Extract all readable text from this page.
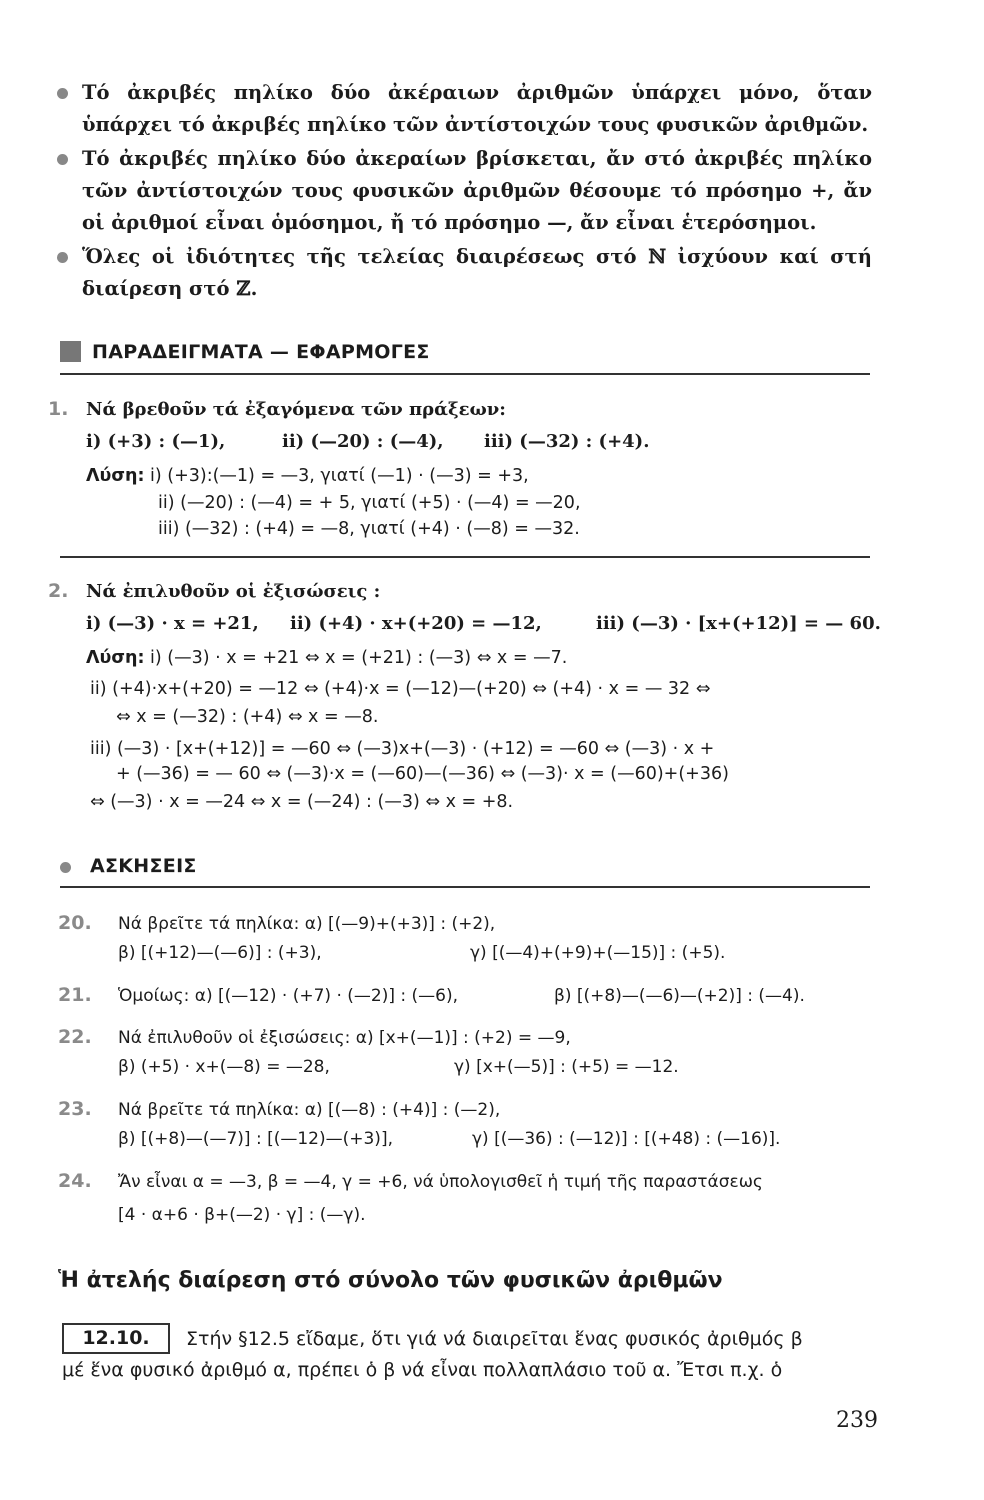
Τό ἀκριβές πηλίκο δύο ἀκέραιων ἀριθμῶν ὑπάρχει μόνο, ὅταν ὑπάρχει τό ἀκριβές πηλίκο τῶν ἀντίστοιχών τους φυσικῶν ἀριθμῶν.
Τό ἀκριβές πηλίκο δύο ἀκεραίων βρίσκεται, ἄν στό ἀκριβές πηλίκο τῶν ἀντίστοιχών τους φυσικῶν ἀριθμῶν θέσουμε τό πρόσημο +, ἄν οἱ ἀριθμοί εἶναι ὁμόσημοι, ἤ τό πρόσημο —, ἄν εἶναι ἑτερόσημοι.
Ὅλες οἱ ἰδιότητες τῆς τελείας διαιρέσεως στό ℕ ἰσχύουν καί στή διαίρεση στό ℤ.
ΠΑΡΑΔΕΙΓΜΑΤΑ — ΕΦΑΡΜΟΓΕΣ
1. Νά βρεθοῦν τά ἐξαγόμενα τῶν πράξεων:
i) (+3) : (—1),	ii) (—20) : (—4), iii) (—32) : (+4).
Λύση: i) (+3):(—1) = —3, γιατί (—1) · (—3) = +3,
ii) (—20) : (—4) = + 5, γιατί (+5) · (—4) = —20,
iii) (—32) : (+4) = —8, γιατί (+4) · (—8) = —32.
2. Νά ἐπιλυθοῦν οἱ ἐξισώσεις :
i) (—3) · x = +21, ii) (+4) · x+(+20) = —12,	iii) (—3) · [x+(+12)] = — 60.
Λύση: i) (—3) · x = +21 ⇔ x = (+21) : (—3) ⇔ x = —7.
ii) (+4)·x+(+20) = —12 ⇔ (+4)·x = (—12)—(+20) ⇔ (+4) · x = — 32 ⇔
⇔ x = (—32) : (+4) ⇔ x = —8.
iii) (—3) · [x+(+12)] = —60 ⇔ (—3)x+(—3) · (+12) = —60 ⇔ (—3) · x +
+ (—36) = — 60 ⇔ (—3)·x = (—60)—(—36) ⇔ (—3)· x = (—60)+(+36)
⇔ (—3) · x = —24 ⇔ x = (—24) : (—3) ⇔ x = +8.
ΑΣΚΗΣΕΙΣ
20. Νά βρεῖτε τά πηλίκα: α) [(—9)+(+3)] : (+2),
β) [(+12)—(—6)] : (+3),	γ) [(—4)+(+9)+(—15)] : (+5).
21. Ὁμοίως: α) [(—12) · (+7) · (—2)] : (—6),	β) [(+8)—(—6)—(+2)] : (—4).
22. Νά ἐπιλυθοῦν οἱ ἐξισώσεις: α) [x+(—1)] : (+2) = —9,
β) (+5) · x+(—8) = —28,	γ) [x+(—5)] : (+5) = —12.
23. Νά βρεῖτε τά πηλίκα: α) [(—8) : (+4)] : (—2),
β) [(+8)—(—7)] : [(—12)—(+3)],	γ) [(—36) : (—12)] : [(+48) : (—16)].
24. Ἄν εἶναι α = —3, β = —4, γ = +6, νά ὑπολογισθεῖ ἡ τιμή τῆς παραστάσεως
[4 · α+6 · β+(—2) · γ] : (—γ).
Ἡ ἀτελής διαίρεση στό σύνολο τῶν φυσικῶν ἀριθμῶν
12.10.	Στήν §12.5 εἴδαμε, ὅτι γιά νά διαιρεῖται ἕνας φυσικός ἀριθμός β
μέ ἕνα φυσικό ἀριθμό α, πρέπει ὁ β νά εἶναι πολλαπλάσιο τοῦ α. Ἔτσι π.χ. ὁ
239
